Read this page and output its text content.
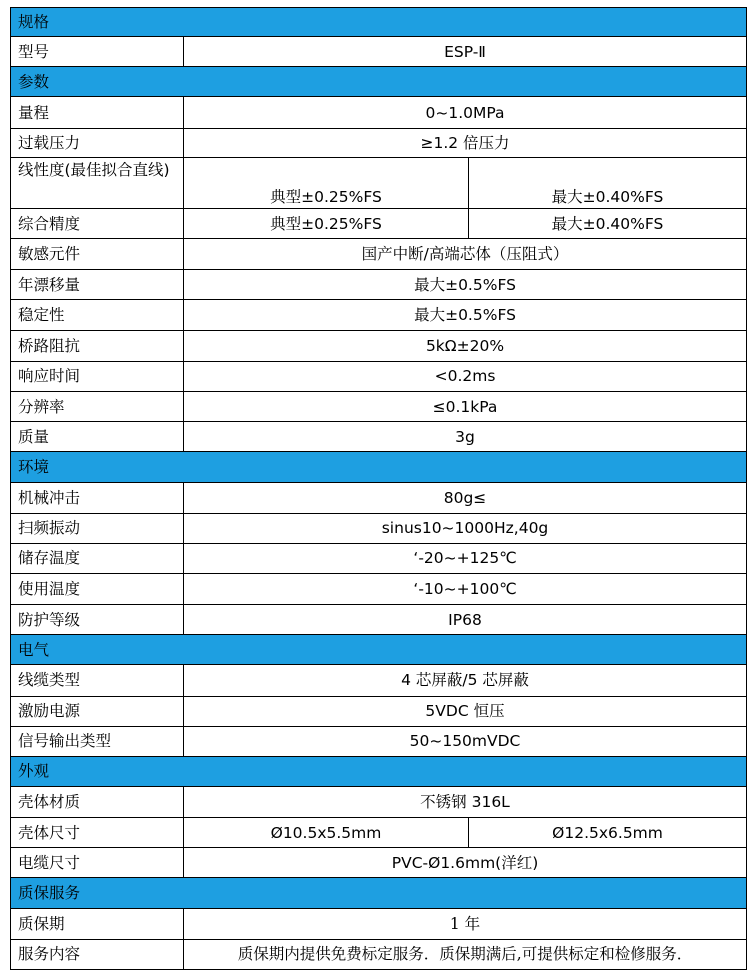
规格		
型号	ESP-Ⅱ	
参数		
量程	0~1.0MPa	
过载压力	≥1.2 倍压力	
线性度(最佳拟合直线)	典型±0.25%FS	最大±0.40%FS
综合精度	典型±0.25%FS	最大±0.40%FS
敏感元件	国产中断/高端芯体（压阻式）	
年漂移量	最大±0.5%FS	
稳定性	最大±0.5%FS	
桥路阻抗	5kΩ±20%	
响应时间	<0.2ms	
分辨率	≤0.1kPa	
质量	3g	
环境		
机械冲击	80g≤	
扫频振动	sinus10~1000Hz,40g	
储存温度	‘-20~+125℃	
使用温度	‘-10~+100℃	
防护等级	IP68	
电气		
线缆类型	4 芯屏蔽/5 芯屏蔽	
激励电源	5VDC 恒压	
信号输出类型	50~150mVDC	
外观		
壳体材质	不锈钢 316L	
壳体尺寸	Ø10.5x5.5mm	Ø12.5x6.5mm
电缆尺寸	PVC-Ø1.6mm(洋红)	
质保服务		
质保期	1 年	
服务内容	质保期内提供免费标定服务．质保期满后,可提供标定和检修服务．	
